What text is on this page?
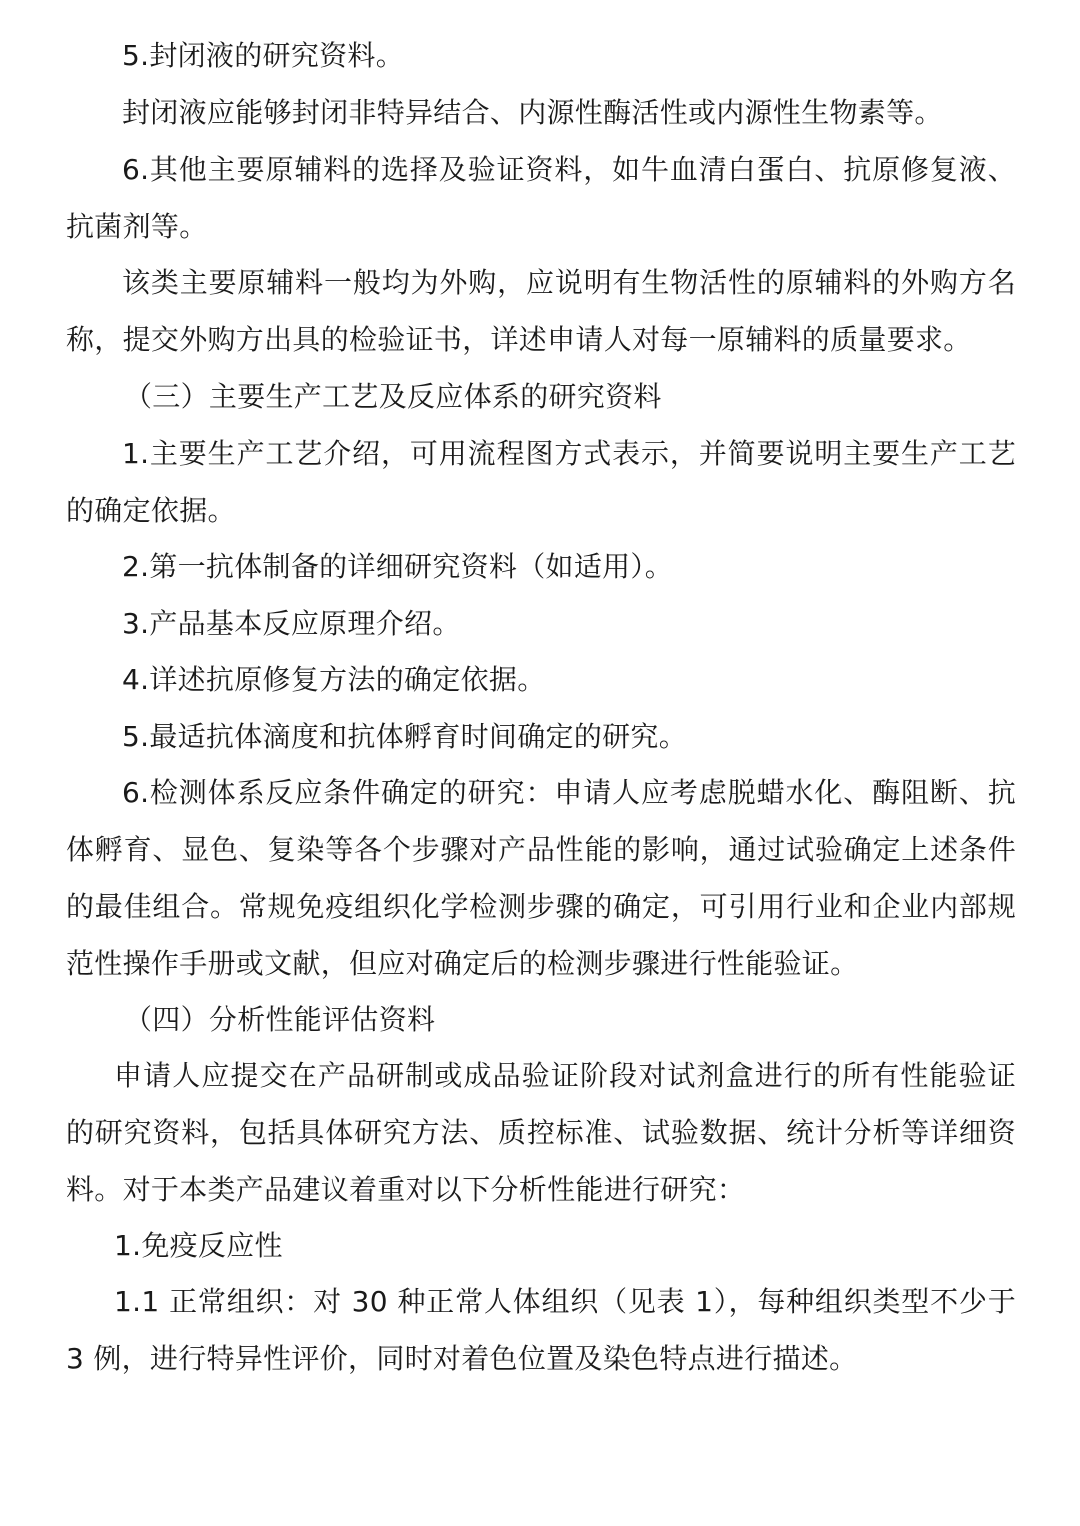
5.封闭液的研究资料。

封闭液应能够封闭非特异结合、内源性酶活性或内源性生物素等。

6.其他主要原辅料的选择及验证资料，如牛血清白蛋白、抗原修复液、抗菌剂等。

该类主要原辅料一般均为外购，应说明有生物活性的原辅料的外购方名称，提交外购方出具的检验证书，详述申请人对每一原辅料的质量要求。

（三）主要生产工艺及反应体系的研究资料

1.主要生产工艺介绍，可用流程图方式表示，并简要说明主要生产工艺的确定依据。

2.第一抗体制备的详细研究资料（如适用）。

3.产品基本反应原理介绍。

4.详述抗原修复方法的确定依据。

5.最适抗体滴度和抗体孵育时间确定的研究。

6.检测体系反应条件确定的研究：申请人应考虑脱蜡水化、酶阻断、抗体孵育、显色、复染等各个步骤对产品性能的影响，通过试验确定上述条件的最佳组合。常规免疫组织化学检测步骤的确定，可引用行业和企业内部规范性操作手册或文献，但应对确定后的检测步骤进行性能验证。

（四）分析性能评估资料

申请人应提交在产品研制或成品验证阶段对试剂盒进行的所有性能验证的研究资料，包括具体研究方法、质控标准、试验数据、统计分析等详细资料。对于本类产品建议着重对以下分析性能进行研究：

1.免疫反应性

1.1 正常组织：对 30 种正常人体组织（见表 1），每种组织类型不少于 3 例，进行特异性评价，同时对着色位置及染色特点进行描述。
